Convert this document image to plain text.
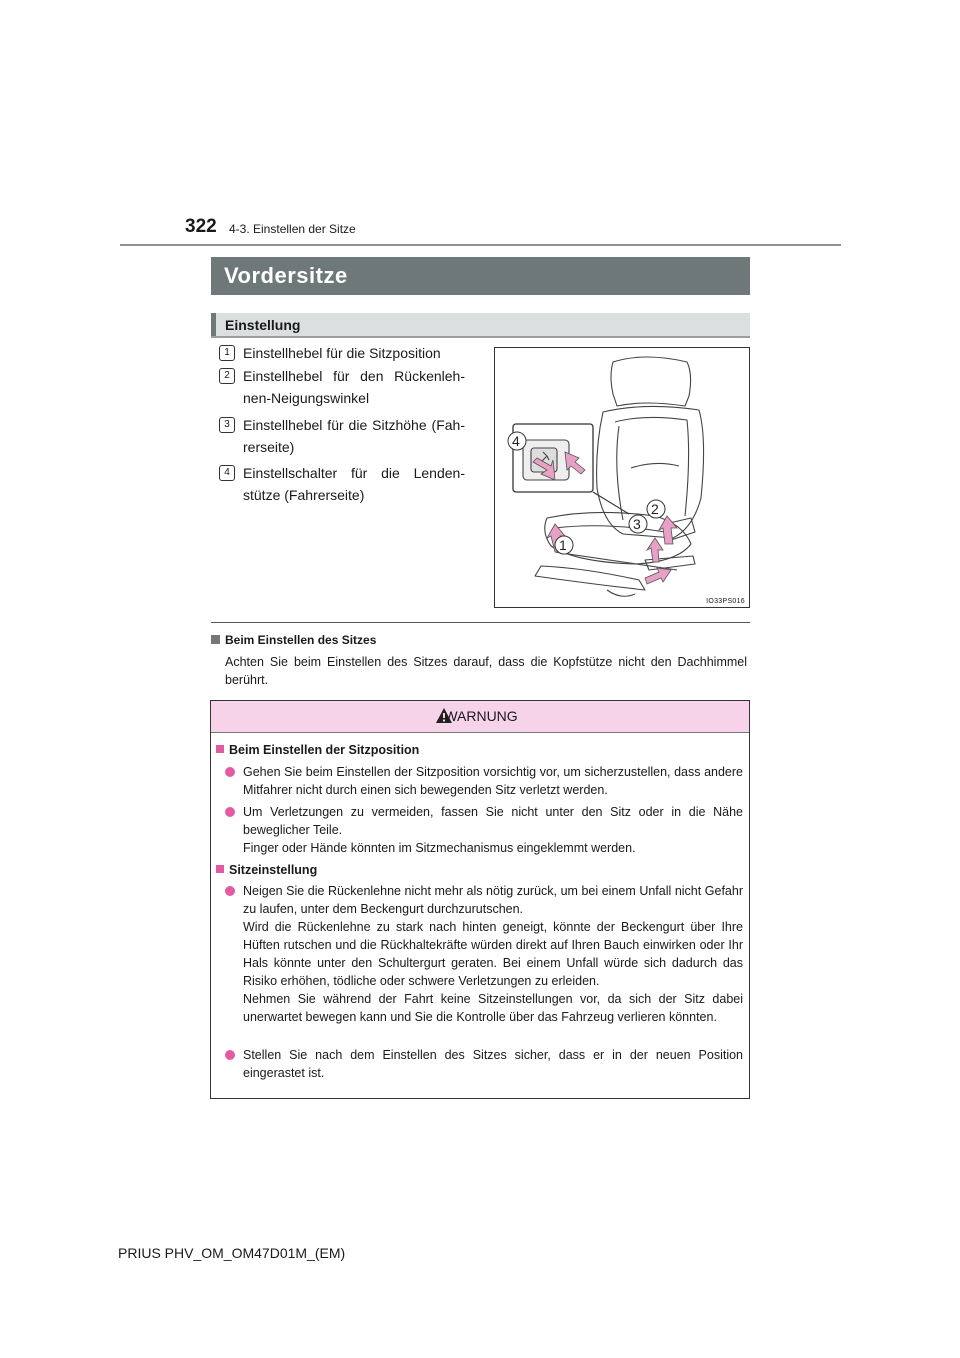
322 4-3. Einstellen der Sitze
Vordersitze
Einstellung
1 Einstellhebel für die Sitzposition
2 Einstellhebel für den Rückenlehnen-Neigungswinkel
3 Einstellhebel für die Sitzhöhe (Fahrerseite)
4 Einstellschalter für die Lendenstütze (Fahrerseite)
4
2
3
1
IO33PS016
Beim Einstellen des Sitzes
Achten Sie beim Einstellen des Sitzes darauf, dass die Kopfstütze nicht den Dachhimmel berührt.
WARNUNG
Beim Einstellen der Sitzposition

Gehen Sie beim Einstellen der Sitzposition vorsichtig vor, um sicherzustellen, dass andere Mitfahrer nicht durch einen sich bewegenden Sitz verletzt werden.

Um Verletzungen zu vermeiden, fassen Sie nicht unter den Sitz oder in die Nähe beweglicher Teile.

Finger oder Hände könnten im Sitzmechanismus eingeklemmt werden.

Sitzeinstellung

Neigen Sie die Rückenlehne nicht mehr als nötig zurück, um bei einem Unfall nicht Gefahr zu laufen, unter dem Beckengurt durchzurutschen.

Wird die Rückenlehne zu stark nach hinten geneigt, könnte der Beckengurt über Ihre Hüften rutschen und die Rückhaltekräfte würden direkt auf Ihren Bauch einwirken oder Ihr Hals könnte unter den Schultergurt geraten. Bei einem Unfall würde sich dadurch das Risiko erhöhen, tödliche oder schwere Verletzungen zu erleiden.

Nehmen Sie während der Fahrt keine Sitzeinstellungen vor, da sich der Sitz dabei unerwartet bewegen kann und Sie die Kontrolle über das Fahrzeug verlieren könnten.

Stellen Sie nach dem Einstellen des Sitzes sicher, dass er in der neuen Position eingerastet ist.

PRIUS PHV_OM_OM47D01M_(EM)
